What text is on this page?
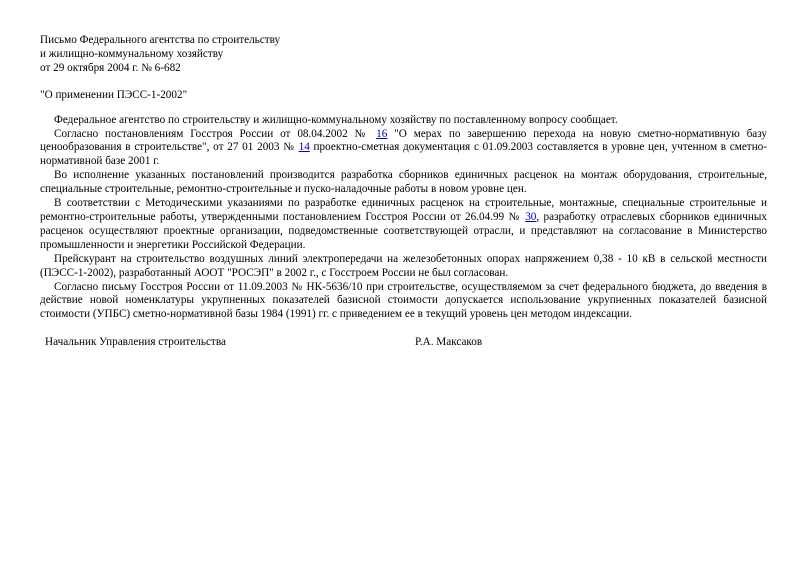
Письмо Федерального агентства по строительству
и жилищно-коммунальному хозяйству
от 29 октября 2004 г. № 6-682
"О применении ПЭСС-1-2002"

Федеральное агентство по строительству и жилищно-коммунальному хозяйству по поставленному вопросу сообщает.

Согласно постановлениям Госстроя России от 08.04.2002 № 16 "О мерах по завершению перехода на новую сметно-нормативную базу ценообразования в строительстве", от 27 01 2003 № 14 проектно-сметная документация с 01.09.2003 составляется в уровне цен, учтенном в сметно-нормативной базе 2001 г.

Во исполнение указанных постановлений производится разработка сборников единичных расценок на монтаж оборудования, строительные, специальные строительные, ремонтно-строительные и пуско-наладочные работы в новом уровне цен.

В соответствии с Методическими указаниями по разработке единичных расценок на строительные, монтажные, специальные строительные и ремонтно-строительные работы, утвержденными постановлением Госстроя России от 26.04.99 № 30, разработку отраслевых сборников единичных расценок осуществляют проектные организации, подведомственные соответствующей отрасли, и представляют на согласование в Министерство промышленности и энергетики Российской Федерации.

Прейскурант на строительство воздушных линий электропередачи на железобетонных опорах напряжением 0,38 - 10 кВ в сельской местности (ПЭСС-1-2002), разработанный АООТ "РОСЭП" в 2002 г., с Госстроем России не был согласован.

Согласно письму Госстроя России от 11.09.2003 № НК-5636/10 при строительстве, осуществляемом за счет федерального бюджета, до введения в действие новой номенклатуры укрупненных показателей базисной стоимости допускается использование укрупненных показателей базисной стоимости (УПБС) сметно-нормативной базы 1984 (1991) гг. с приведением ее в текущий уровень цен методом индексации.

Начальник Управления строительства	Р.А. Максаков
